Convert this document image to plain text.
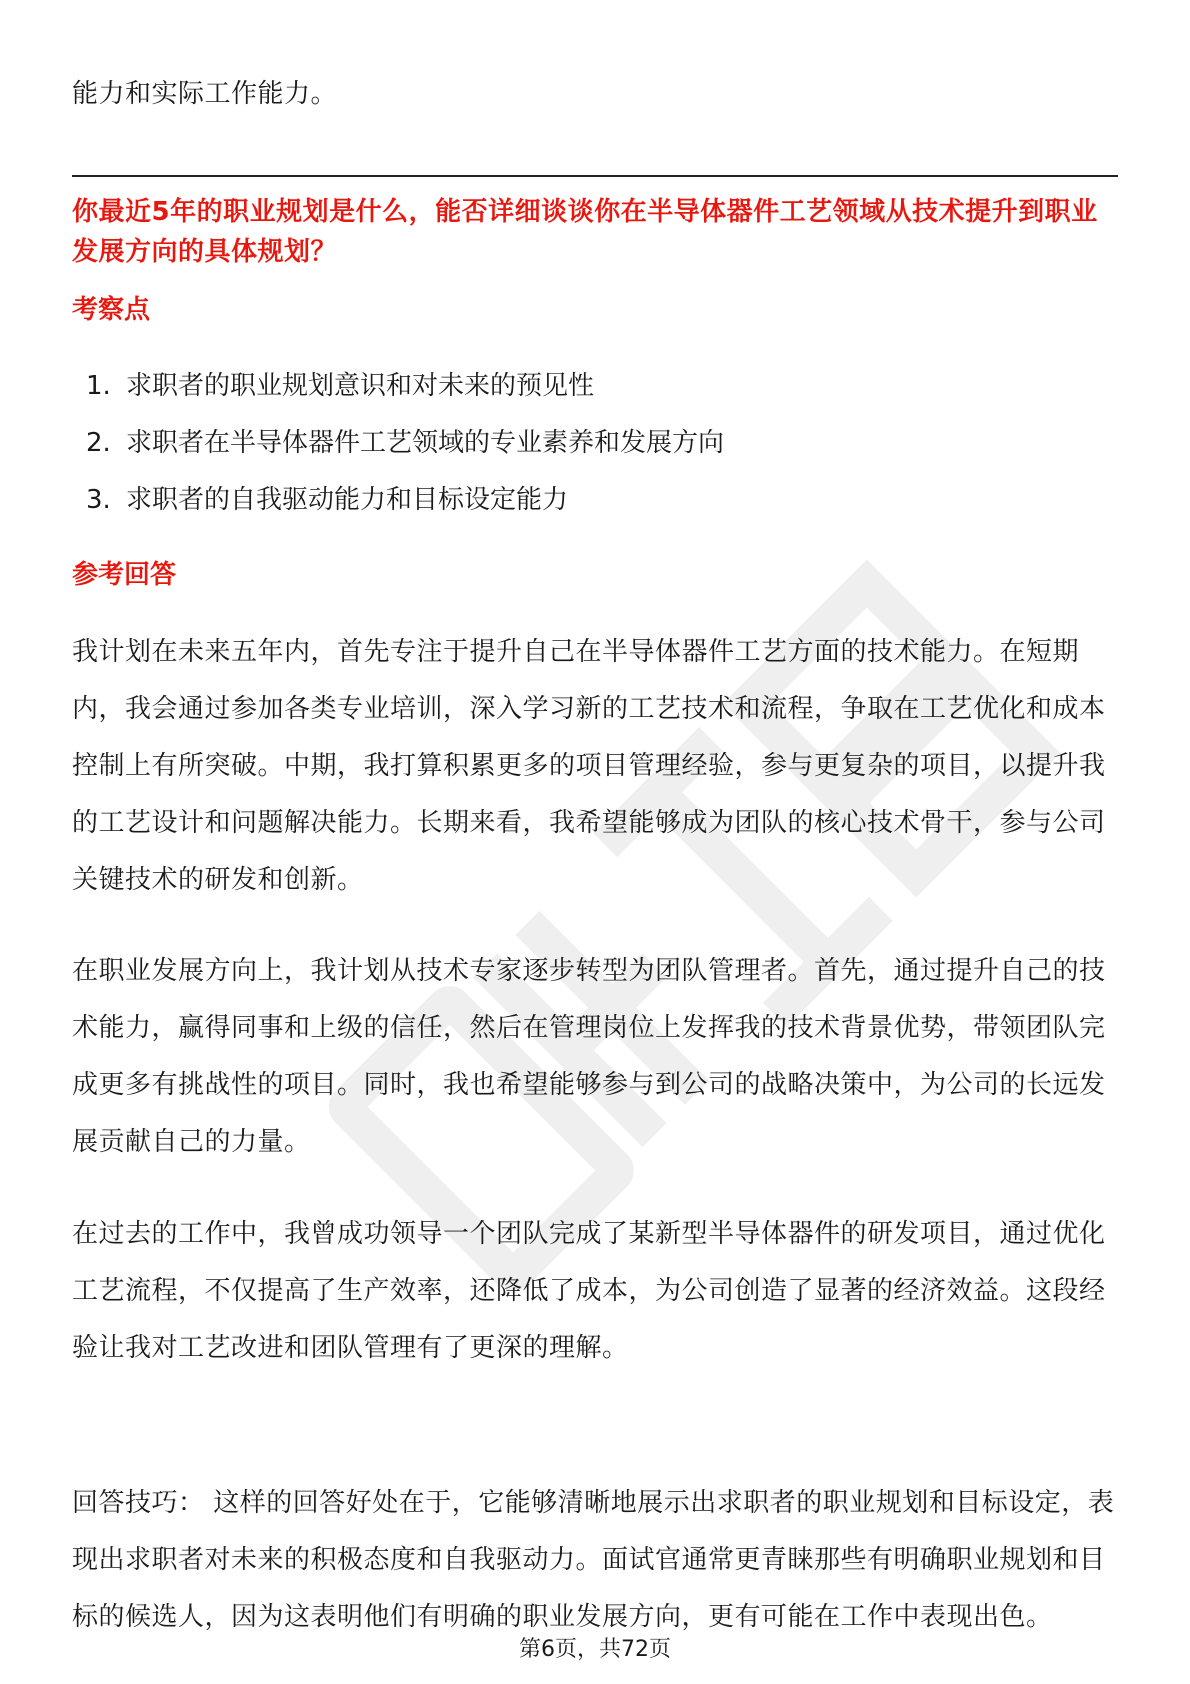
能力和实际工作能力。
你最近5年的职业规划是什么，能否详细谈谈你在半导体器件工艺领域从技术提升到职业发展方向的具体规划？
考察点
1. 求职者的职业规划意识和对未来的预见性
2. 求职者在半导体器件工艺领域的专业素养和发展方向
3. 求职者的自我驱动能力和目标设定能力
参考回答
我计划在未来五年内，首先专注于提升自己在半导体器件工艺方面的技术能力。在短期内，我会通过参加各类专业培训，深入学习新的工艺技术和流程，争取在工艺优化和成本控制上有所突破。中期，我打算积累更多的项目管理经验，参与更复杂的项目，以提升我的工艺设计和问题解决能力。长期来看，我希望能够成为团队的核心技术骨干，参与公司关键技术的研发和创新。
在职业发展方向上，我计划从技术专家逐步转型为团队管理者。首先，通过提升自己的技术能力，赢得同事和上级的信任，然后在管理岗位上发挥我的技术背景优势，带领团队完成更多有挑战性的项目。同时，我也希望能够参与到公司的战略决策中，为公司的长远发展贡献自己的力量。
在过去的工作中，我曾成功领导一个团队完成了某新型半导体器件的研发项目，通过优化工艺流程，不仅提高了生产效率，还降低了成本，为公司创造了显著的经济效益。这段经验让我对工艺改进和团队管理有了更深的理解。
回答技巧： 这样的回答好处在于，它能够清晰地展示出求职者的职业规划和目标设定，表现出求职者对未来的积极态度和自我驱动力。面试官通常更青睐那些有明确职业规划和目标的候选人，因为这表明他们有明确的职业发展方向，更有可能在工作中表现出色。
第6页，共72页
